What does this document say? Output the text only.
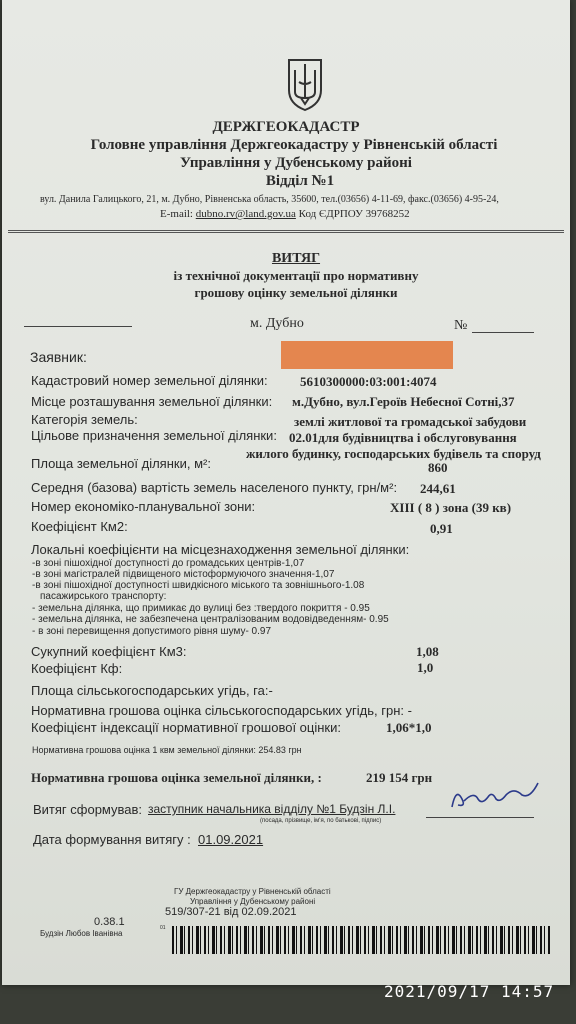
ДЕРЖГЕОКАДАСТР
Головне управління Держгеокадастру у Рівненській області
Управління у Дубенському районі
Відділ №1
вул. Данила Галицького, 21, м. Дубно, Рівненська область, 35600, тел.(03656) 4-11-69, факс.(03656) 4-95-24,
E-mail: dubno.rv@land.gov.ua Код ЄДРПОУ 39768252
ВИТЯГ
із технічної документації про нормативну
грошову оцінку земельної ділянки
м. Дубно	№
Заявник:
Кадастровий номер земельної ділянки: 5610300000:03:001:4074
Місце розташування земельної ділянки: м.Дубно, вул.Героїв Небесної Сотні,37
Категорія земель:	землі житлової та громадської забудови
Цільове призначення земельної ділянки: 02.01для будівництва і обслуговування
жилого будинку, господарських будівель та споруд
Площа земельної ділянки, м²:	860
Середня (базова) вартість земель населеного пункту, грн/м²: 244,61
Номер економіко-планувальної зони:	XIII ( 8 ) зона (39 кв)
Коефіцієнт Км2:	0,91
Локальні коефіцієнти на місцезнаходження земельної ділянки:
-в зоні пішохідної доступності до громадських центрів-1,07
-в зоні магістралей підвищеного містоформуючого значення-1,07
-в зоні пішохідної доступності швидкісного міського та зовнішнього-1.08
пасажирського транспорту:
- земельна ділянка, що примикає до вулиці без :твердого покриття - 0.95
- земельна ділянка, не забезпечена централізованим водовідведенням- 0.95
- в зоні перевищення допустимого рівня шуму- 0.97
Сукупний коефіцієнт Км3:	1,08
Коефіцієнт Кф:	1,0
Площа сільськогосподарських угідь, га:-
Нормативна грошова оцінка сільськогосподарських угідь, грн: -
Коефіцієнт індексації нормативної грошової оцінки:	1,06*1,0
Нормативна грошова оцінка 1 квм земельної ділянки: 254.83 грн
Нормативна грошова оцінка земельної ділянки, :	219 154 грн
Витяг сформував: заступник начальника відділу №1 Будзін Л.І.
(посада, прізвище, ім'я, по батькові, підпис)
Дата формування витягу : 01.09.2021
ГУ Держгеокадастру у Рівненській області
Управління у Дубенському районі
519/307-21 від 02.09.2021
0.38.1
Будзін Любов Іванівна
01
2021/09/17 14:57
